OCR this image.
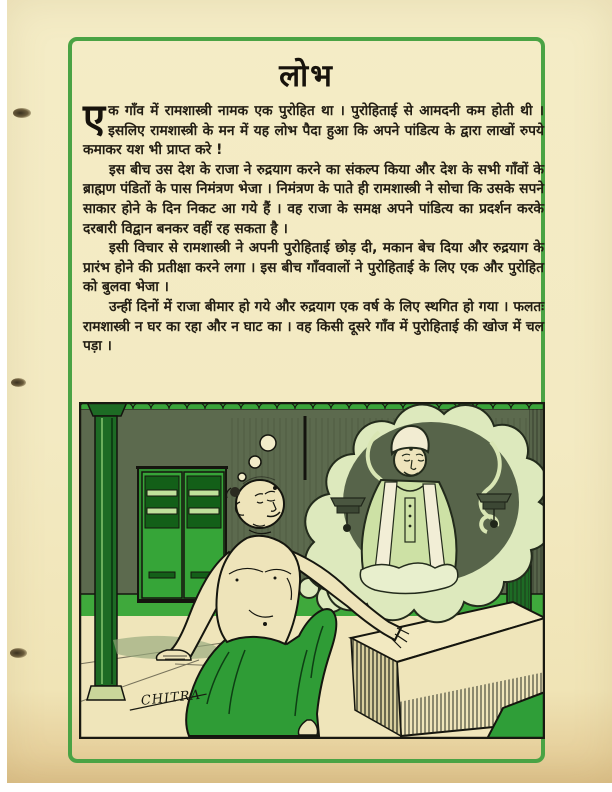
लोभ

एक गाँव में रामशास्त्री नामक एक पुरोहित था । पुरोहिताई से आमदनी कम होती थी । इसलिए रामशास्त्री के मन में यह लोभ पैदा हुआ कि अपने पांडित्य के द्वारा लाखों रुपये कमाकर यश भी प्राप्त करे !

इस बीच उस देश के राजा ने रुद्रयाग करने का संकल्प किया और देश के सभी गाँवों के ब्राह्मण पंडितों के पास निमंत्रण भेजा । निमंत्रण के पाते ही रामशास्त्री ने सोचा कि उसके सपने साकार होने के दिन निकट आ गये हैं । वह राजा के समक्ष अपने पांडित्य का प्रदर्शन करके दरबारी विद्वान बनकर वहीं रह सकता है ।

इसी विचार से रामशास्त्री ने अपनी पुरोहिताई छोड़ दी, मकान बेच दिया और रुद्रयाग के प्रारंभ होने की प्रतीक्षा करने लगा । इस बीच गाँववालों ने पुरोहिताई के लिए एक और पुरोहित को बुलवा भेजा ।

उन्हीं दिनों में राजा बीमार हो गये और रुद्रयाग एक वर्ष के लिए स्थगित हो गया । फलतः रामशास्त्री न घर का रहा और न घाट का । वह किसी दूसरे गाँव में पुरोहिताई की खोज में चल पड़ा ।

CHITRA
